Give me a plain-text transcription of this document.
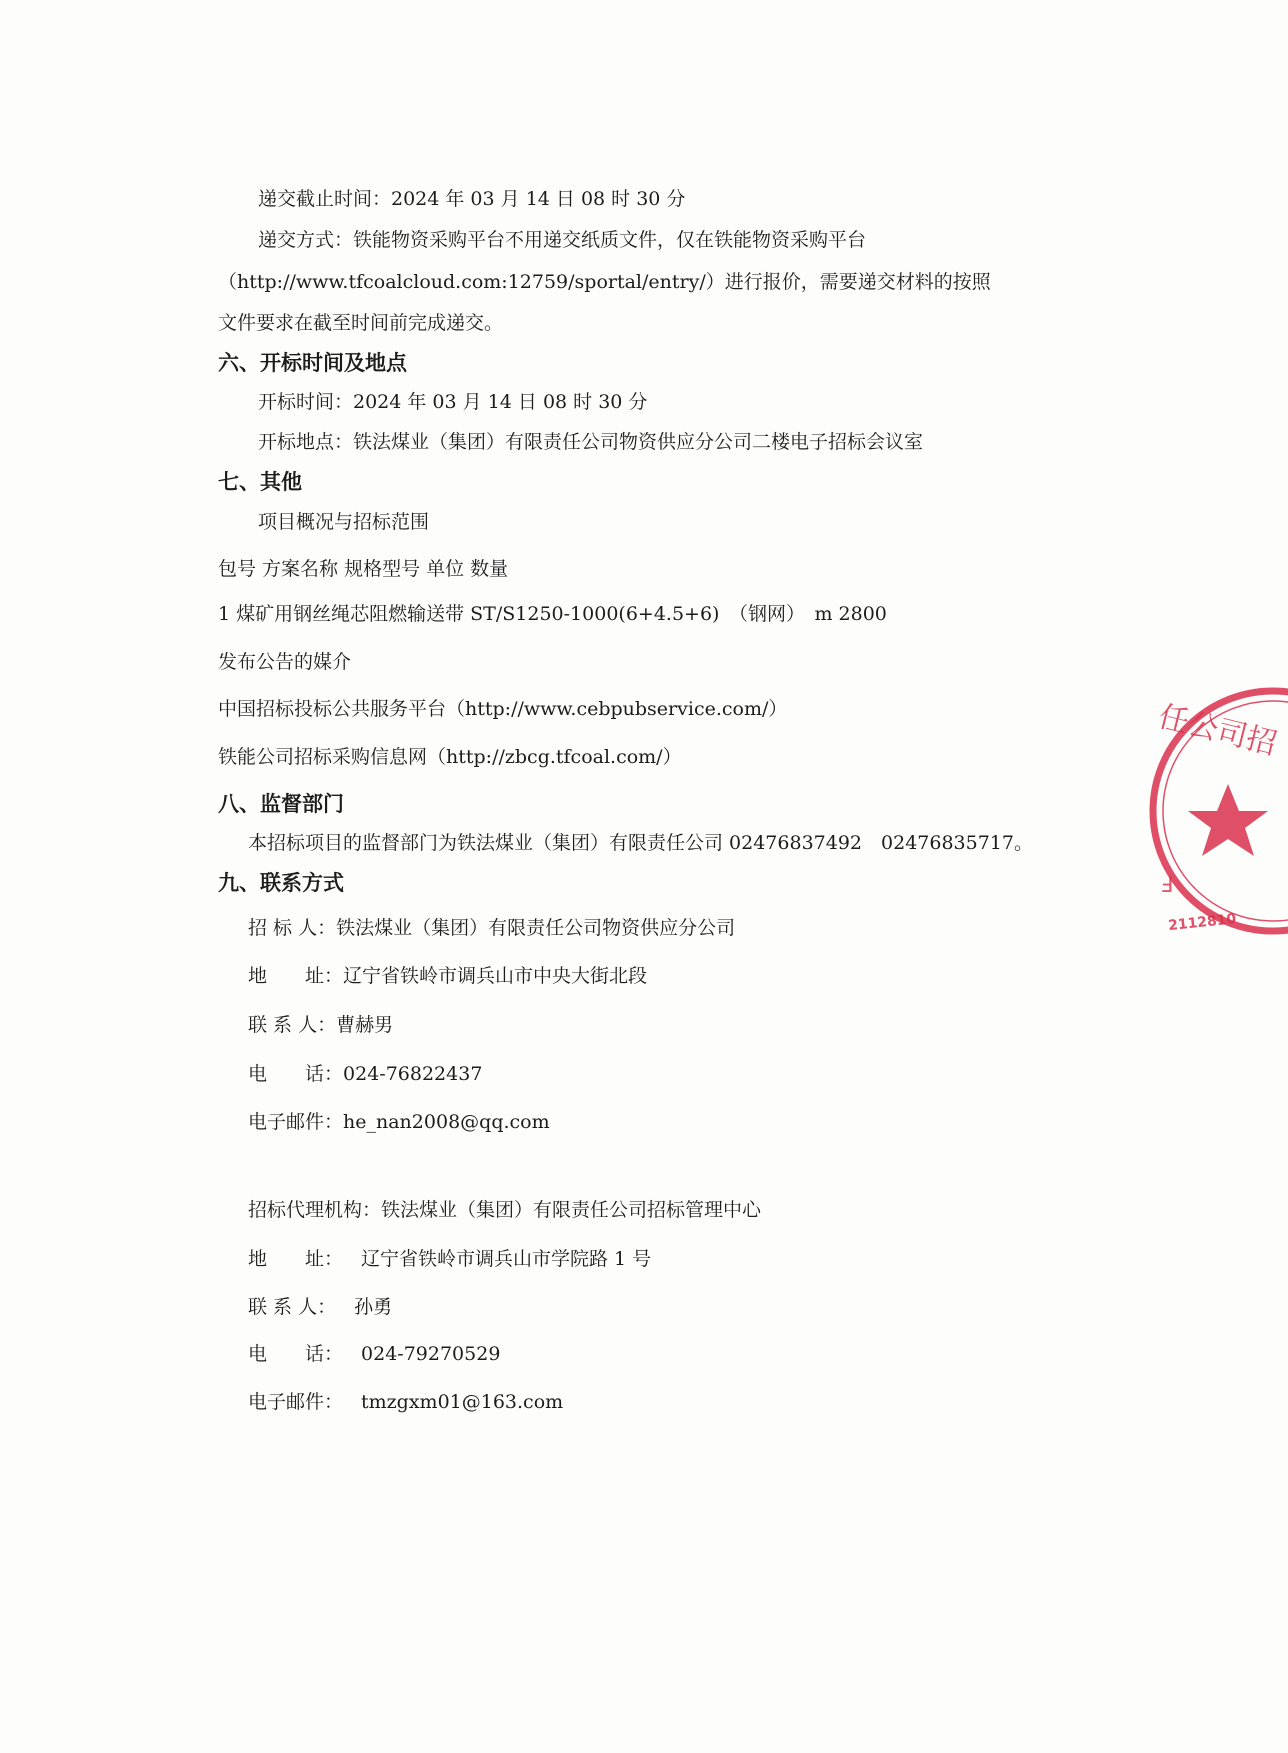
递交截止时间：2024 年 03 月 14 日 08 时 30 分
递交方式：铁能物资采购平台不用递交纸质文件，仅在铁能物资采购平台
（http://www.tfcoalcloud.com:12759/sportal/entry/）进行报价，需要递交材料的按照
文件要求在截至时间前完成递交。
六、开标时间及地点
开标时间：2024 年 03 月 14 日 08 时 30 分
开标地点：铁法煤业（集团）有限责任公司物资供应分公司二楼电子招标会议室
七、其他
项目概况与招标范围
包号 方案名称 规格型号 单位 数量
1 煤矿用钢丝绳芯阻燃输送带 ST/S1250-1000(6+4.5+6)　（钢网）　m 2800
发布公告的媒介
中国招标投标公共服务平台（http://www.cebpubservice.com/）
铁能公司招标采购信息网（http://zbcg.tfcoal.com/）
八、监督部门
本招标项目的监督部门为铁法煤业（集团）有限责任公司 02476837492　02476835717。
九、联系方式
招 标 人：铁法煤业（集团）有限责任公司物资供应分公司
地　　址：辽宁省铁岭市调兵山市中央大街北段
联 系 人：曹赫男
电　　话：024-76822437
电子邮件：he_nan2008@qq.com
招标代理机构：铁法煤业（集团）有限责任公司招标管理中心
地　　址： 辽宁省铁岭市调兵山市学院路 1 号
联 系 人： 孙勇
电　　话： 024-79270529
电子邮件： tmzgxm01@163.com
任公司招
Ⅎ
2112810
